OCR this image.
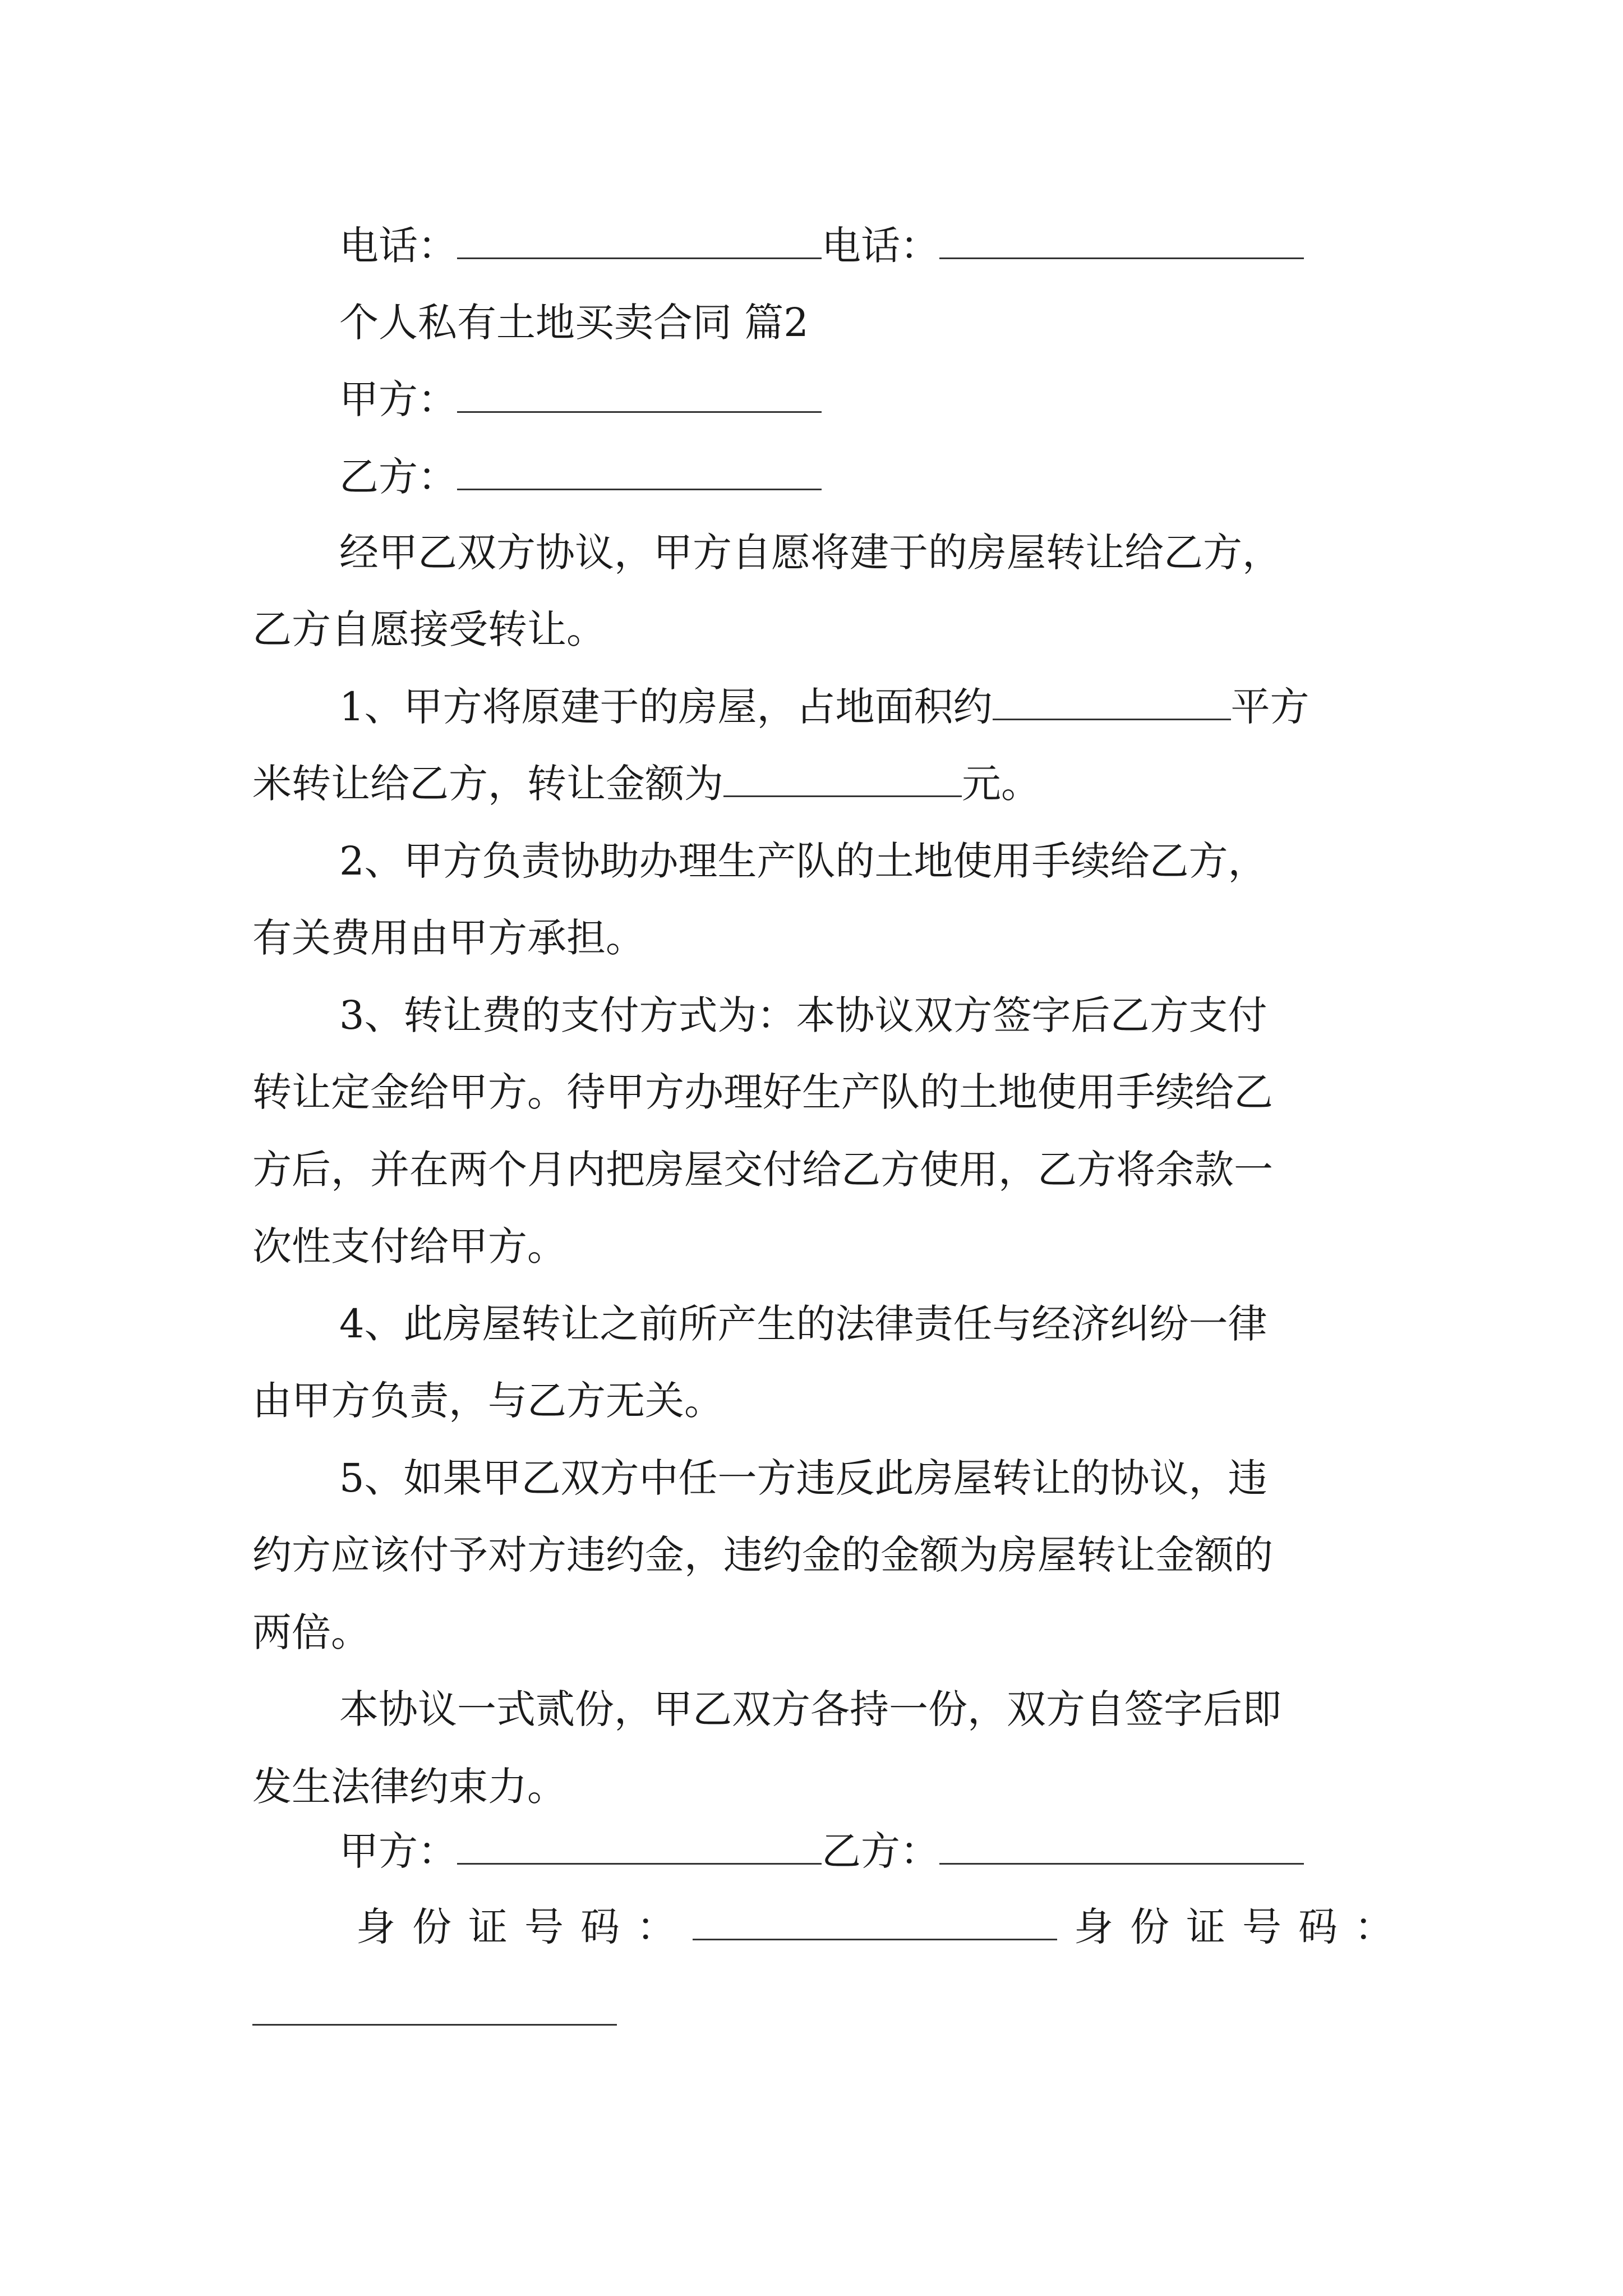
电话：	电话：
个人私有土地买卖合同 篇2
甲方：
乙方：
经甲乙双方协议，甲方自愿将建于的房屋转让给乙方，
乙方自愿接受转让。
1、甲方将原建于的房屋，占地面积约	平方
米转让给乙方，转让金额为	元。
2、甲方负责协助办理生产队的土地使用手续给乙方，
有关费用由甲方承担。
3、转让费的支付方式为：本协议双方签字后乙方支付
转让定金给甲方。待甲方办理好生产队的土地使用手续给乙
方后，并在两个月内把房屋交付给乙方使用，乙方将余款一
次性支付给甲方。
4、此房屋转让之前所产生的法律责任与经济纠纷一律
由甲方负责，与乙方无关。
5、如果甲乙双方中任一方违反此房屋转让的协议，违
约方应该付予对方违约金，违约金的金额为房屋转让金额的
两倍。
本协议一式贰份，甲乙双方各持一份，双方自签字后即
发生法律约束力。
甲方：	乙方：
身份证号码：	身份证号码：
